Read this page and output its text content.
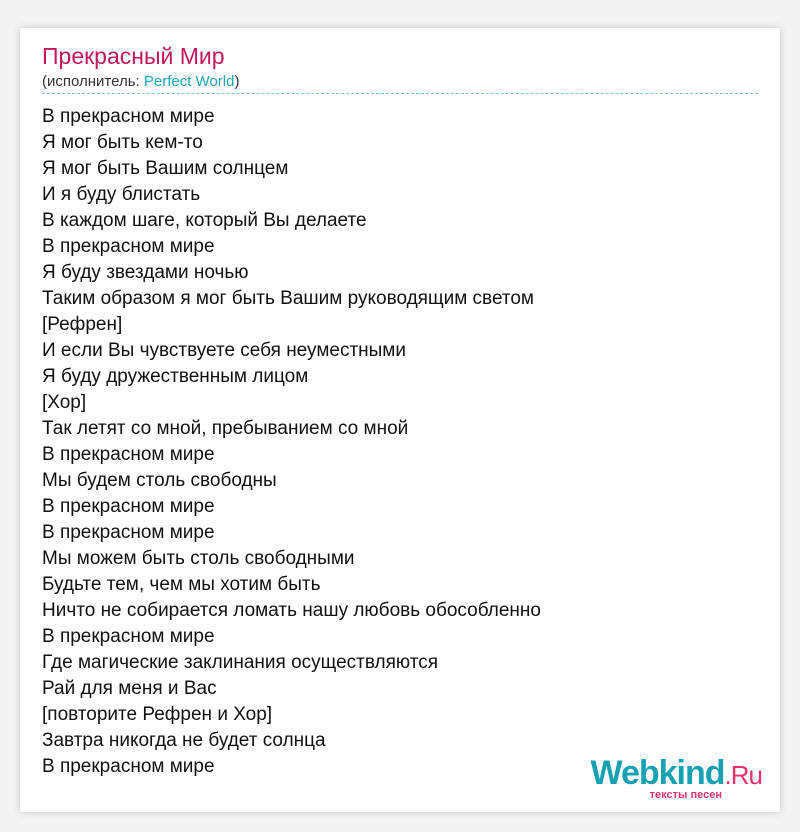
Прекрасный Мир
(исполнитель: Perfect World)
В прекрасном мире
Я мог быть кем-то
Я мог быть Вашим солнцем
И я буду блистать
В каждом шаге, который Вы делаете
В прекрасном мире
Я буду звездами ночью
Таким образом я мог быть Вашим руководящим светом
[Рефрен]
И если Вы чувствуете себя неуместными
Я буду дружественным лицом
[Хор]
Так летят со мной, пребыванием со мной
В прекрасном мире
Мы будем столь свободны
В прекрасном мире
В прекрасном мире
Мы можем быть столь свободными
Будьте тем, чем мы хотим быть
Ничто не собирается ломать нашу любовь обособленно
В прекрасном мире
Где магические заклинания осуществляются
Рай для меня и Вас
[повторите Рефрен и Хор]
Завтра никогда не будет солнца
В прекрасном мире	Webkind.Ru
тексты песен
